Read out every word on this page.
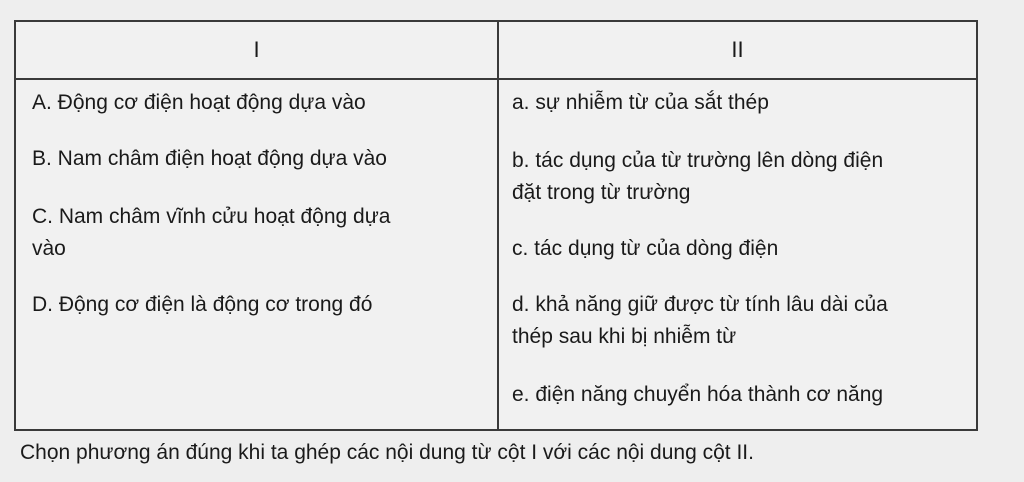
I	II
A. Động cơ điện hoạt động dựa vào
B. Nam châm điện hoạt động dựa vào
C. Nam châm vĩnh cửu hoạt động dựa
vào
D. Động cơ điện là động cơ trong đó
a. sự nhiễm từ của sắt thép
b. tác dụng của từ trường lên dòng điện
đặt trong từ trường
c. tác dụng từ của dòng điện
d. khả năng giữ được từ tính lâu dài của
thép sau khi bị nhiễm từ
e. điện năng chuyển hóa thành cơ năng
Chọn phương án đúng khi ta ghép các nội dung từ cột I với các nội dung cột II.
